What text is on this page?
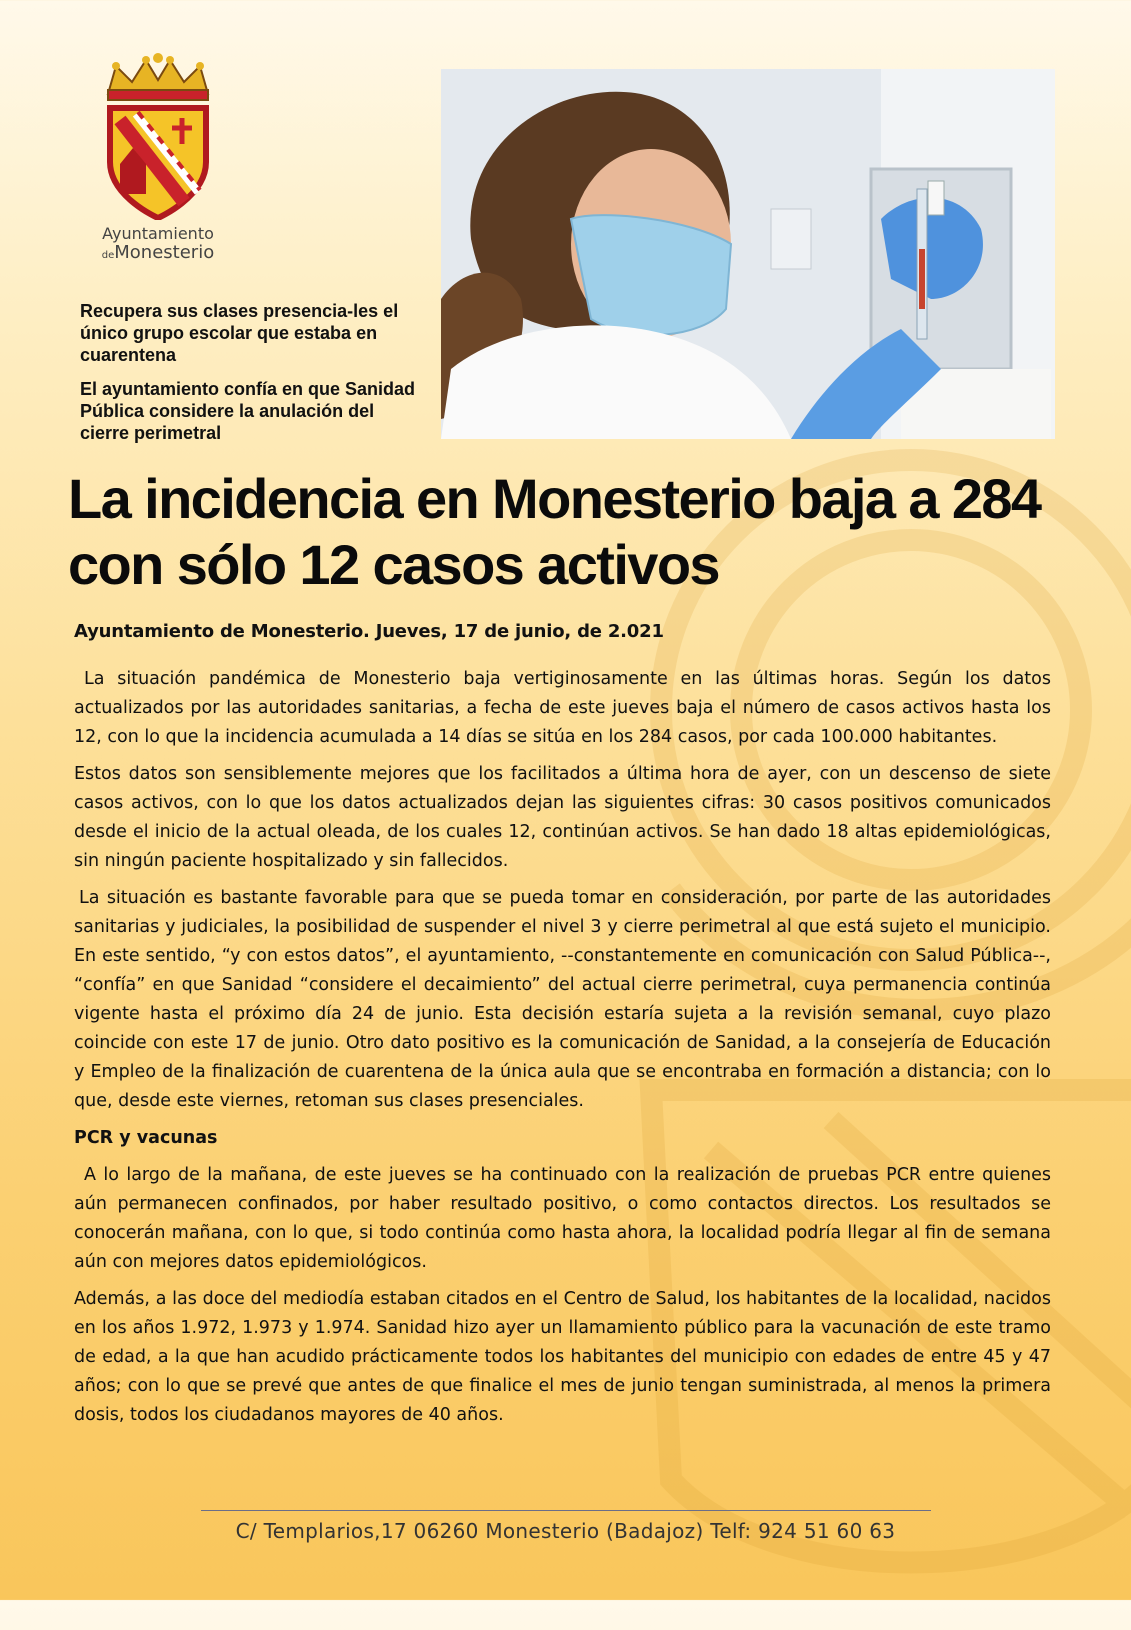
Ayuntamiento
deMonesterio

Recupera sus clases presencia-les el único grupo escolar que estaba en cuarentena

El ayuntamiento confía en que Sanidad Pública considere la anulación del cierre perimetral

La incidencia en Monesterio baja a 284 con sólo 12 casos activos

Ayuntamiento de Monesterio. Jueves, 17 de junio, de 2.021

La situación pandémica de Monesterio baja vertiginosamente en las últimas horas. Según los datos actualizados por las autoridades sanitarias, a fecha de este jueves baja el número de casos activos hasta los 12, con lo que la incidencia acumulada a 14 días se sitúa en los 284 casos, por cada 100.000 habitantes.

Estos datos son sensiblemente mejores que los facilitados a última hora de ayer, con un descenso de siete casos activos, con lo que los datos actualizados dejan las siguientes cifras: 30 casos positivos comunicados desde el inicio de la actual oleada, de los cuales 12, continúan activos. Se han dado 18 altas epidemiológicas, sin ningún paciente hospitalizado y sin fallecidos.

La situación es bastante favorable para que se pueda tomar en consideración, por parte de las autoridades sanitarias y judiciales, la posibilidad de suspender el nivel 3 y cierre perimetral al que está sujeto el municipio. En este sentido, “y con estos datos”, el ayuntamiento, --constantemente en comunicación con Salud Pública--, “confía” en que Sanidad “considere el decaimiento” del actual cierre perimetral, cuya permanencia continúa vigente hasta el próximo día 24 de junio. Esta decisión estaría sujeta a la revisión semanal, cuyo plazo coincide con este 17 de junio. Otro dato positivo es la comunicación de Sanidad, a la consejería de Educación y Empleo de la finalización de cuarentena de la única aula que se encontraba en formación a distancia; con lo que, desde este viernes, retoman sus clases presenciales.

PCR y vacunas

A lo largo de la mañana, de este jueves se ha continuado con la realización de pruebas PCR entre quienes aún permanecen confinados, por haber resultado positivo, o como contactos directos. Los resultados se conocerán mañana, con lo que, si todo continúa como hasta ahora, la localidad podría llegar al fin de semana aún con mejores datos epidemiológicos.

Además, a las doce del mediodía estaban citados en el Centro de Salud, los habitantes de la localidad, nacidos en los años 1.972, 1.973 y 1.974. Sanidad hizo ayer un llamamiento público para la vacunación de este tramo de edad, a la que han acudido prácticamente todos los habitantes del municipio con edades de entre 45 y 47 años; con lo que se prevé que antes de que finalice el mes de junio tengan suministrada, al menos la primera dosis, todos los ciudadanos mayores de 40 años.

C/ Templarios,17 06260 Monesterio (Badajoz) Telf: 924 51 60 63
